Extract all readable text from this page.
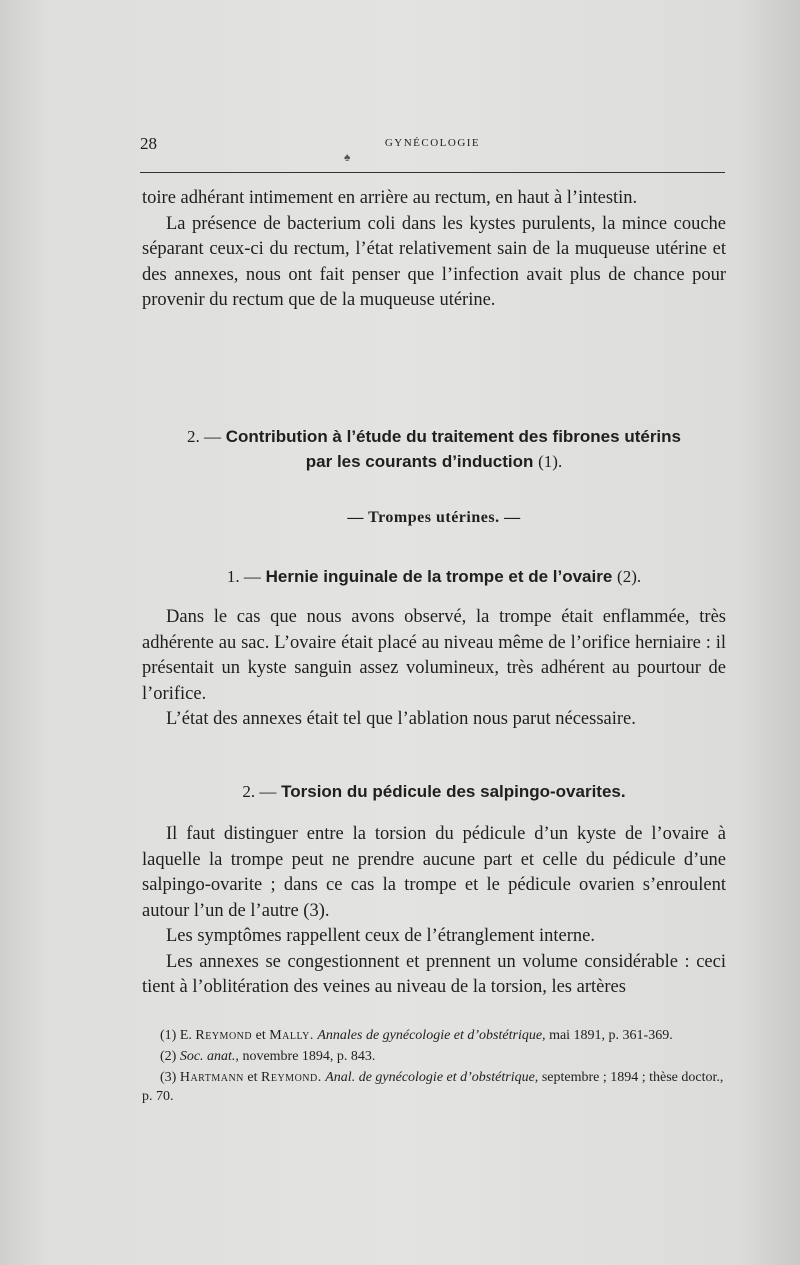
28	GYNÉCOLOGIE
♠

toire adhérant intimement en arrière au rectum, en haut à l’intestin.

La présence de bacterium coli dans les kystes purulents, la mince couche séparant ceux-ci du rectum, l’état relativement sain de la muqueuse utérine et des annexes, nous ont fait penser que l’infection avait plus de chance pour provenir du rectum que de la muqueuse utérine.

2. — Contribution à l’étude du traitement des fibrones utérins
par les courants d’induction (1).
— Trompes utérines. —
1. — Hernie inguinale de la trompe et de l’ovaire (2).

Dans le cas que nous avons observé, la trompe était enflammée, très adhérente au sac. L’ovaire était placé au niveau même de l’orifice herniaire : il présentait un kyste sanguin assez volumineux, très adhérent au pourtour de l’orifice.

L’état des annexes était tel que l’ablation nous parut nécessaire.

2. — Torsion du pédicule des salpingo-ovarites.

Il faut distinguer entre la torsion du pédicule d’un kyste de l’ovaire à laquelle la trompe peut ne prendre aucune part et celle du pédicule d’une salpingo-ovarite ; dans ce cas la trompe et le pédicule ovarien s’enroulent autour l’un de l’autre (3).

Les symptômes rappellent ceux de l’étranglement interne.

Les annexes se congestionnent et prennent un volume considérable : ceci tient à l’oblitération des veines au niveau de la torsion, les artères

(1) E. Reymond et Mally. Annales de gynécologie et d’obstétrique, mai 1891, p. 361-369.

(2) Soc. anat., novembre 1894, p. 843.

(3) Hartmann et Reymond. Anal. de gynécologie et d’obstétrique, septembre ; 1894 ; thèse doctor., p. 70.
